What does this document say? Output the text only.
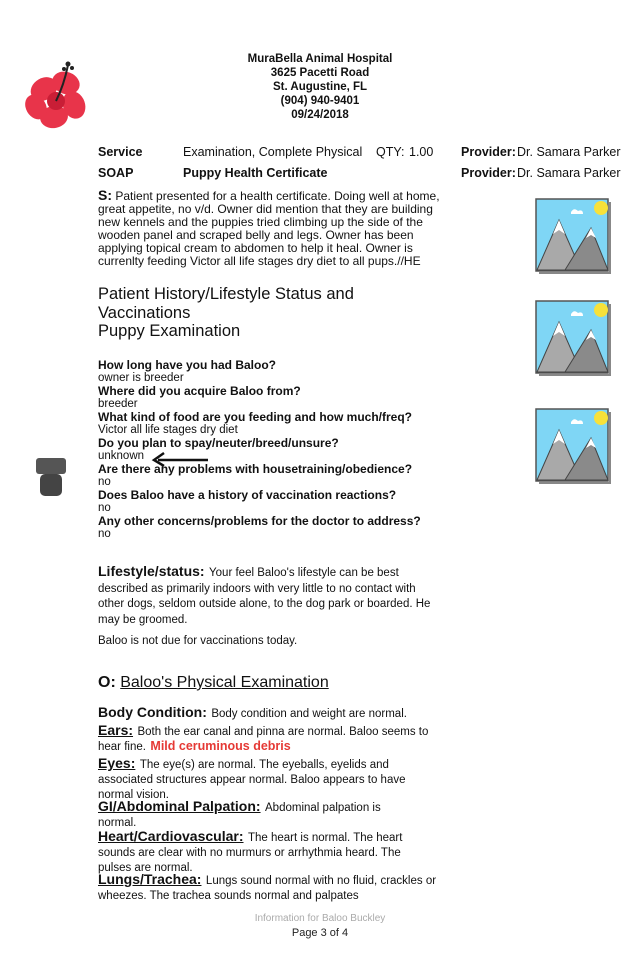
MuraBella Animal Hospital
3625 Pacetti Road
St. Augustine, FL
(904) 940-9401
09/24/2018
Service	Examination, Complete Physical QTY: 1.00 Provider: Dr. Samara Parker
SOAP	Puppy Health Certificate	Provider: Dr. Samara Parker
S: Patient presented for a health certificate. Doing well at home, great appetite, no v/d. Owner did mention that they are building new kennels and the puppies tried climbing up the side of the wooden panel and scraped belly and legs. Owner has been applying topical cream to abdomen to help it heal. Owner is currenlty feeding Victor all life stages dry diet to all pups.//HE
Patient History/Lifestyle Status and
Vaccinations
Puppy Examination
How long have you had Baloo?
owner is breeder
Where did you acquire Baloo from?
breeder
What kind of food are you feeding and how much/freq?
Victor all life stages dry diet
Do you plan to spay/neuter/breed/unsure?
unknown
Are there any problems with housetraining/obedience?
no
Does Baloo have a history of vaccination reactions?
no
Any other concerns/problems for the doctor to address?
no
Lifestyle/status: Your feel Baloo's lifestyle can be best described as primarily indoors with very little to no contact with other dogs, seldom outside alone, to the dog park or boarded. He may be groomed.
Baloo is not due for vaccinations today.
O: Baloo's Physical Examination
Body Condition: Body condition and weight are normal.
Ears: Both the ear canal and pinna are normal. Baloo seems to hear fine. Mild ceruminous debris
Eyes: The eye(s) are normal. The eyeballs, eyelids and associated structures appear normal. Baloo appears to have normal vision.
GI/Abdominal Palpation: Abdominal palpation is normal.
Heart/Cardiovascular: The heart is normal. The heart sounds are clear with no murmurs or arrhythmia heard. The pulses are normal.
Lungs/Trachea: Lungs sound normal with no fluid, crackles or wheezes. The trachea sounds normal and palpates
Information for Baloo Buckley
Page 3 of 4
